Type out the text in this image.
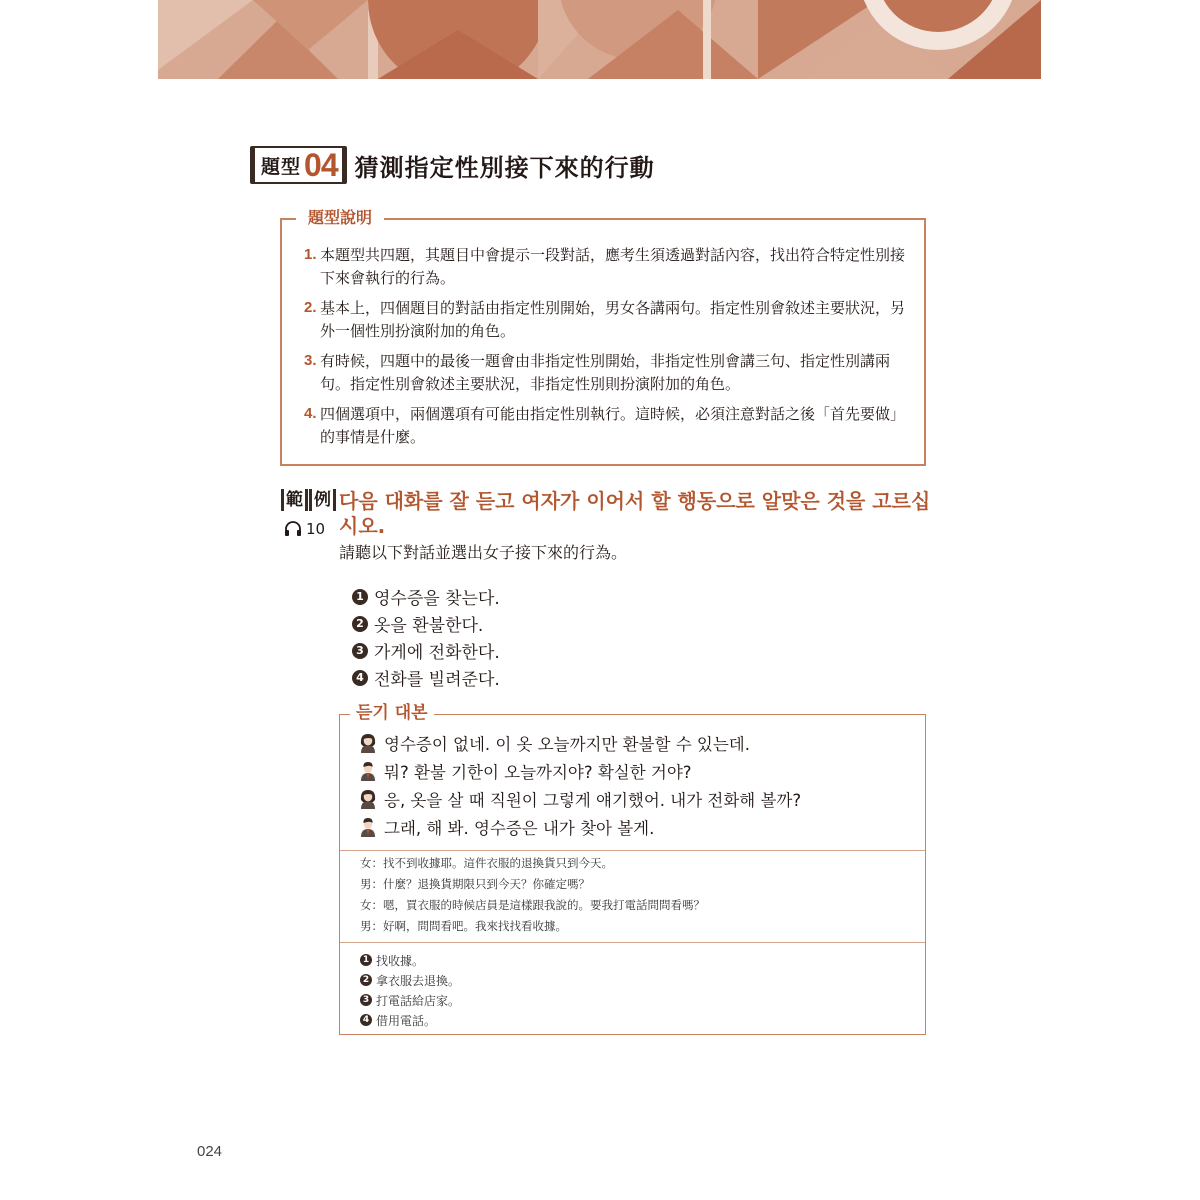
題型 04 猜測指定性別接下來的行動
題型說明
1. 本題型共四題，其題目中會提示一段對話，應考生須透過對話內容，找出符合特定性別接下來會執行的行為。
2. 基本上，四個題目的對話由指定性別開始，男女各講兩句。指定性別會敘述主要狀況，另外一個性別扮演附加的角色。
3. 有時候，四題中的最後一題會由非指定性別開始，非指定性別會講三句、指定性別講兩句。指定性別會敘述主要狀況，非指定性別則扮演附加的角色。
4. 四個選項中，兩個選項有可能由指定性別執行。這時候，必須注意對話之後「首先要做」的事情是什麼。
範 例
10
다음 대화를 잘 듣고 여자가 이어서 할 행동으로 알맞은 것을 고르십시오.
請聽以下對話並選出女子接下來的行為。
1 영수증을 찾는다.
2 옷을 환불한다.
3 가게에 전화한다.
4 전화를 빌려준다.
듣기 대본
영수증이 없네. 이 옷 오늘까지만 환불할 수 있는데.
뭐? 환불 기한이 오늘까지야? 확실한 거야?
응, 옷을 살 때 직원이 그렇게 얘기했어. 내가 전화해 볼까?
그래, 해 봐. 영수증은 내가 찾아 볼게.
女：找不到收據耶。這件衣服的退換貨只到今天。
男：什麼？退換貨期限只到今天？你確定嗎？
女：嗯，買衣服的時候店員是這樣跟我說的。要我打電話問問看嗎？
男：好啊，問問看吧。我來找找看收據。
1 找收據。
2 拿衣服去退換。
3 打電話給店家。
4 借用電話。
024
